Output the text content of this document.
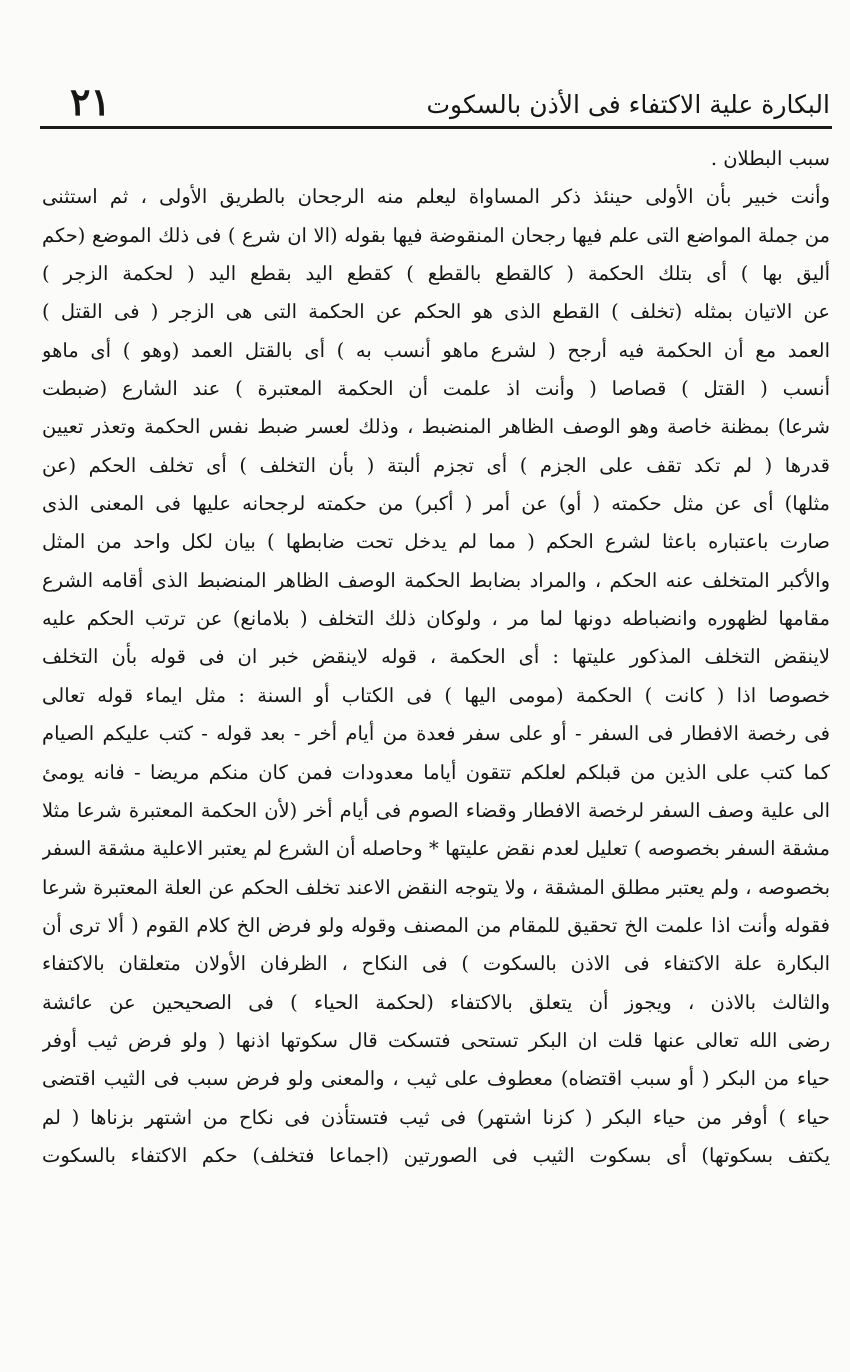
البكارة علية الاكتفاء فى الأذن بالسكوت
٢١
سبب البطلان .
وأنت خبير بأن الأولى حينئذ ذكر المساواة ليعلم منه الرجحان بالطريق الأولى ، ثم استثنى
من جملة المواضع التى علم فيها رجحان المنقوضة فيها بقوله (الا ان شرع ) فى ذلك الموضع (حكم
أليق بها ) أى بتلك الحكمة ( كالقطع بالقطع ) كقطع اليد بقطع اليد ( لحكمة الزجر )
عن الاتيان بمثله (تخلف ) القطع الذى هو الحكم عن الحكمة التى هى الزجر ( فى القتل )
العمد مع أن الحكمة فيه أرجح ( لشرع ماهو أنسب به ) أى بالقتل العمد (وهو ) أى ماهو
أنسب ( القتل ) قصاصا ( وأنت اذ علمت أن الحكمة المعتبرة ) عند الشارع (ضبطت
شرعا) بمظنة خاصة وهو الوصف الظاهر المنضبط ، وذلك لعسر ضبط نفس الحكمة وتعذر تعيين
قدرها ( لم تكد تقف على الجزم ) أى تجزم ألبتة ( بأن التخلف ) أى تخلف الحكم (عن
مثلها) أى عن مثل حكمته ( أو) عن أمر ( أكبر) من حكمته لرجحانه عليها فى المعنى الذى
صارت باعتباره باعثا لشرع الحكم ( مما لم يدخل تحت ضابطها ) بيان لكل واحد من المثل
والأكبر المتخلف عنه الحكم ، والمراد بضابط الحكمة الوصف الظاهر المنضبط الذى أقامه الشرع
مقامها لظهوره وانضباطه دونها لما مر ، ولوكان ذلك التخلف ( بلامانع) عن ترتب الحكم عليه
لاينقض التخلف المذكور عليتها : أى الحكمة ، قوله لاينقض خبر ان فى قوله بأن التخلف
خصوصا اذا ( كانت ) الحكمة (مومى اليها ) فى الكتاب أو السنة : مثل ايماء قوله تعالى
فى رخصة الافطار فى السفر - أو على سفر فعدة من أيام أخر - بعد قوله - كتب عليكم الصيام
كما كتب على الذين من قبلكم لعلكم تتقون أياما معدودات فمن كان منكم مريضا - فانه يومئ
الى علية وصف السفر لرخصة الافطار وقضاء الصوم فى أيام أخر (لأن الحكمة المعتبرة شرعا مثلا
مشقة السفر بخصوصه ) تعليل لعدم نقض عليتها * وحاصله أن الشرع لم يعتبر الاعلية مشقة السفر
بخصوصه ، ولم يعتبر مطلق المشقة ، ولا يتوجه النقض الاعند تخلف الحكم عن العلة المعتبرة شرعا
فقوله وأنت اذا علمت الخ تحقيق للمقام من المصنف وقوله ولو فرض الخ كلام القوم ( ألا ترى أن
البكارة علة الاكتفاء فى الاذن بالسكوت ) فى النكاح ، الظرفان الأولان متعلقان بالاكتفاء
والثالث بالاذن ، ويجوز أن يتعلق بالاكتفاء (لحكمة الحياء ) فى الصحيحين عن عائشة
رضى الله تعالى عنها قلت ان البكر تستحى فتسكت قال سكوتها اذنها ( ولو فرض ثيب أوفر
حياء من البكر ( أو سبب اقتضاه) معطوف على ثيب ، والمعنى ولو فرض سبب فى الثيب اقتضى
حياء ) أوفر من حياء البكر ( كزنا اشتهر) فى ثيب فتستأذن فى نكاح من اشتهر بزناها ( لم
يكتف بسكوتها) أى بسكوت الثيب فى الصورتين (اجماعا فتخلف) حكم الاكتفاء بالسكوت
